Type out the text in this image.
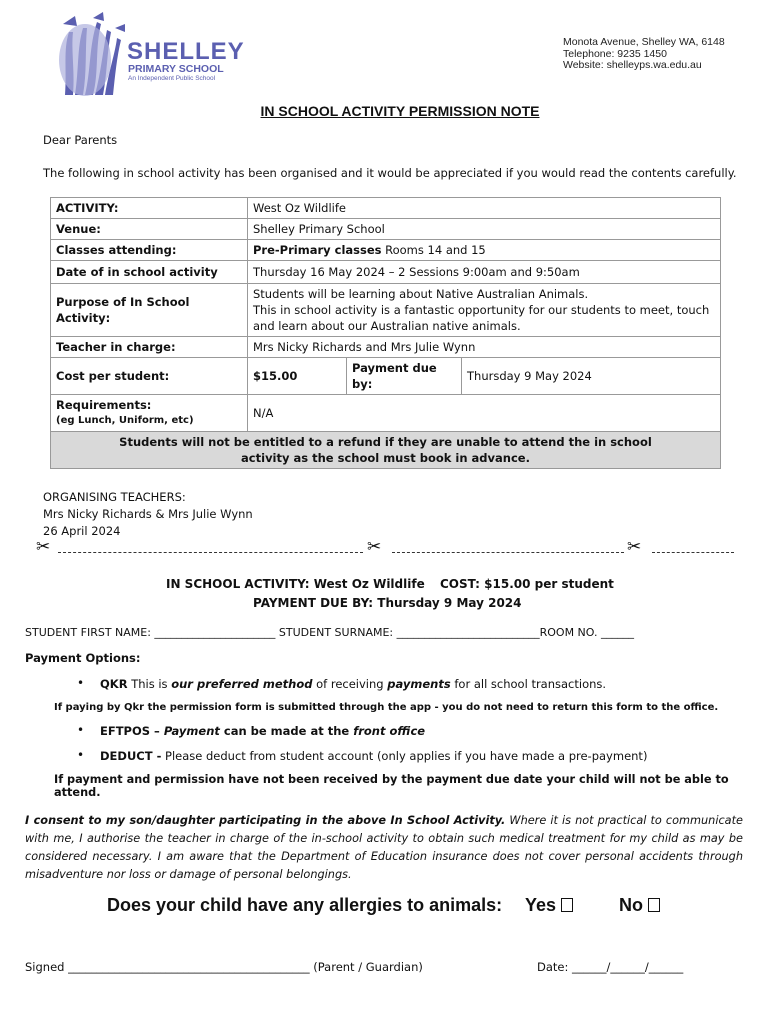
SHELLEY
PRIMARY SCHOOL
An Independent Public School
Monota Avenue, Shelley WA, 6148
Telephone: 9235 1450
Website: shelleyps.wa.edu.au
IN SCHOOL ACTIVITY PERMISSION NOTE
Dear Parents
The following in school activity has been organised and it would be appreciated if you would read the contents carefully.
ACTIVITY:	West Oz Wildlife		
Venue:	Shelley Primary School		
Classes attending:	Pre-Primary classes Rooms 14 and 15		
Date of in school activity	Thursday 16 May 2024 – 2 Sessions 9:00am and 9:50am		
Purpose of In School Activity:	Students will be learning about Native Australian Animals.
This in school activity is a fantastic opportunity for our students to meet, touch and learn about our Australian native animals.		

Teacher in charge:	Mrs Nicky Richards and Mrs Julie Wynn		
Cost per student:	$15.00	Payment due by:	Thursday 9 May 2024

Requirements:
(eg Lunch, Uniform, etc)	N/A		

Students will not be entitled to a refund if they are unable to attend the in school
activity as the school must book in advance.			
ORGANISING TEACHERS:
Mrs Nicky Richards & Mrs Julie Wynn
26 April 2024
✂	✂	✂
IN SCHOOL ACTIVITY: West Oz Wildlife COST: $15.00 per student
PAYMENT DUE BY: Thursday 9 May 2024
STUDENT FIRST NAME: ______________________ STUDENT SURNAME: __________________________ROOM NO. ______
Payment Options:
• QKR This is our preferred method of receiving payments for all school transactions.
If paying by Qkr the permission form is submitted through the app - you do not need to return this form to the office.
• EFTPOS – Payment can be made at the front office
• DEDUCT - Please deduct from student account (only applies if you have made a pre-payment)
If payment and permission have not been received by the payment due date your child will not be able to attend.
I consent to my son/daughter participating in the above In School Activity. Where it is not practical to communicate with me, I authorise the teacher in charge of the in-school activity to obtain such medical treatment for my child as may be considered necessary. I am aware that the Department of Education insurance does not cover personal accidents through misadventure nor loss or damage of personal belongings.
Does your child have any allergies to animals: Yes	No
Signed __________________________________________ (Parent / Guardian)	Date: ______/______/______
